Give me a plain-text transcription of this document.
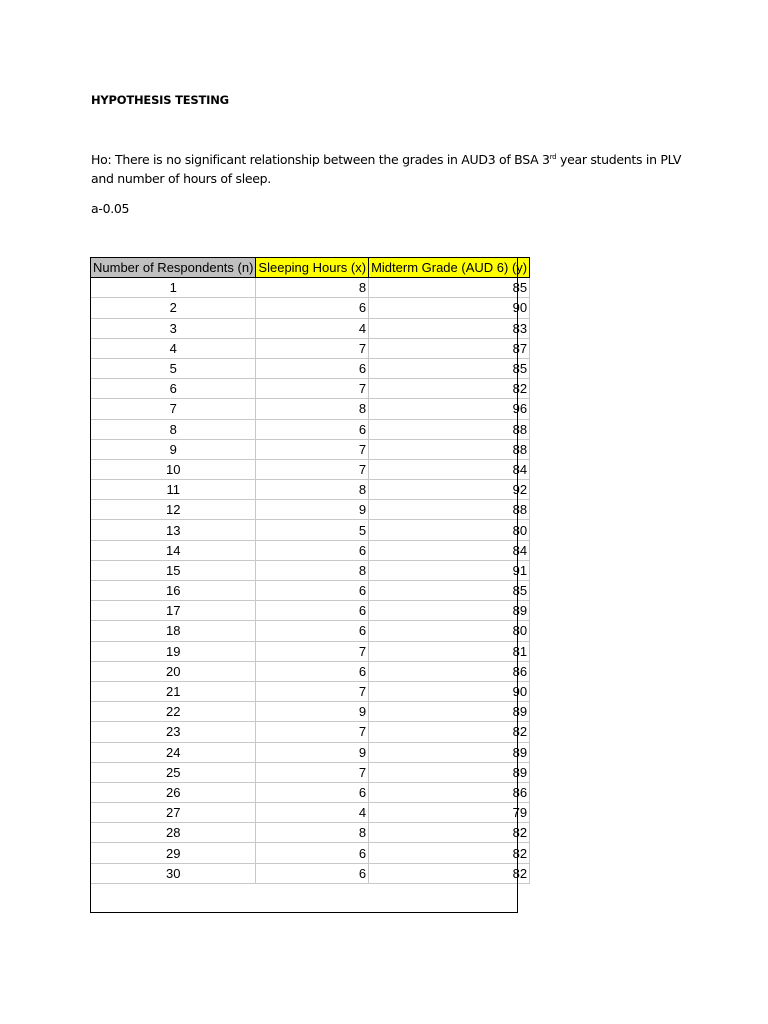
HYPOTHESIS TESTING
Ho: There is no significant relationship between the grades in AUD3 of BSA 3rd year students in PLV and number of hours of sleep.
a-0.05
Number of Respondents (n)	Sleeping Hours (x)	Midterm Grade (AUD 6) (y)
1	8	85
2	6	90
3	4	83
4	7	87
5	6	85
6	7	82
7	8	96
8	6	88
9	7	88
10	7	84
11	8	92
12	9	88
13	5	80
14	6	84
15	8	91
16	6	85
17	6	89
18	6	80
19	7	81
20	6	86
21	7	90
22	9	89
23	7	82
24	9	89
25	7	89
26	6	86
27	4	79
28	8	82
29	6	82
30	6	82
